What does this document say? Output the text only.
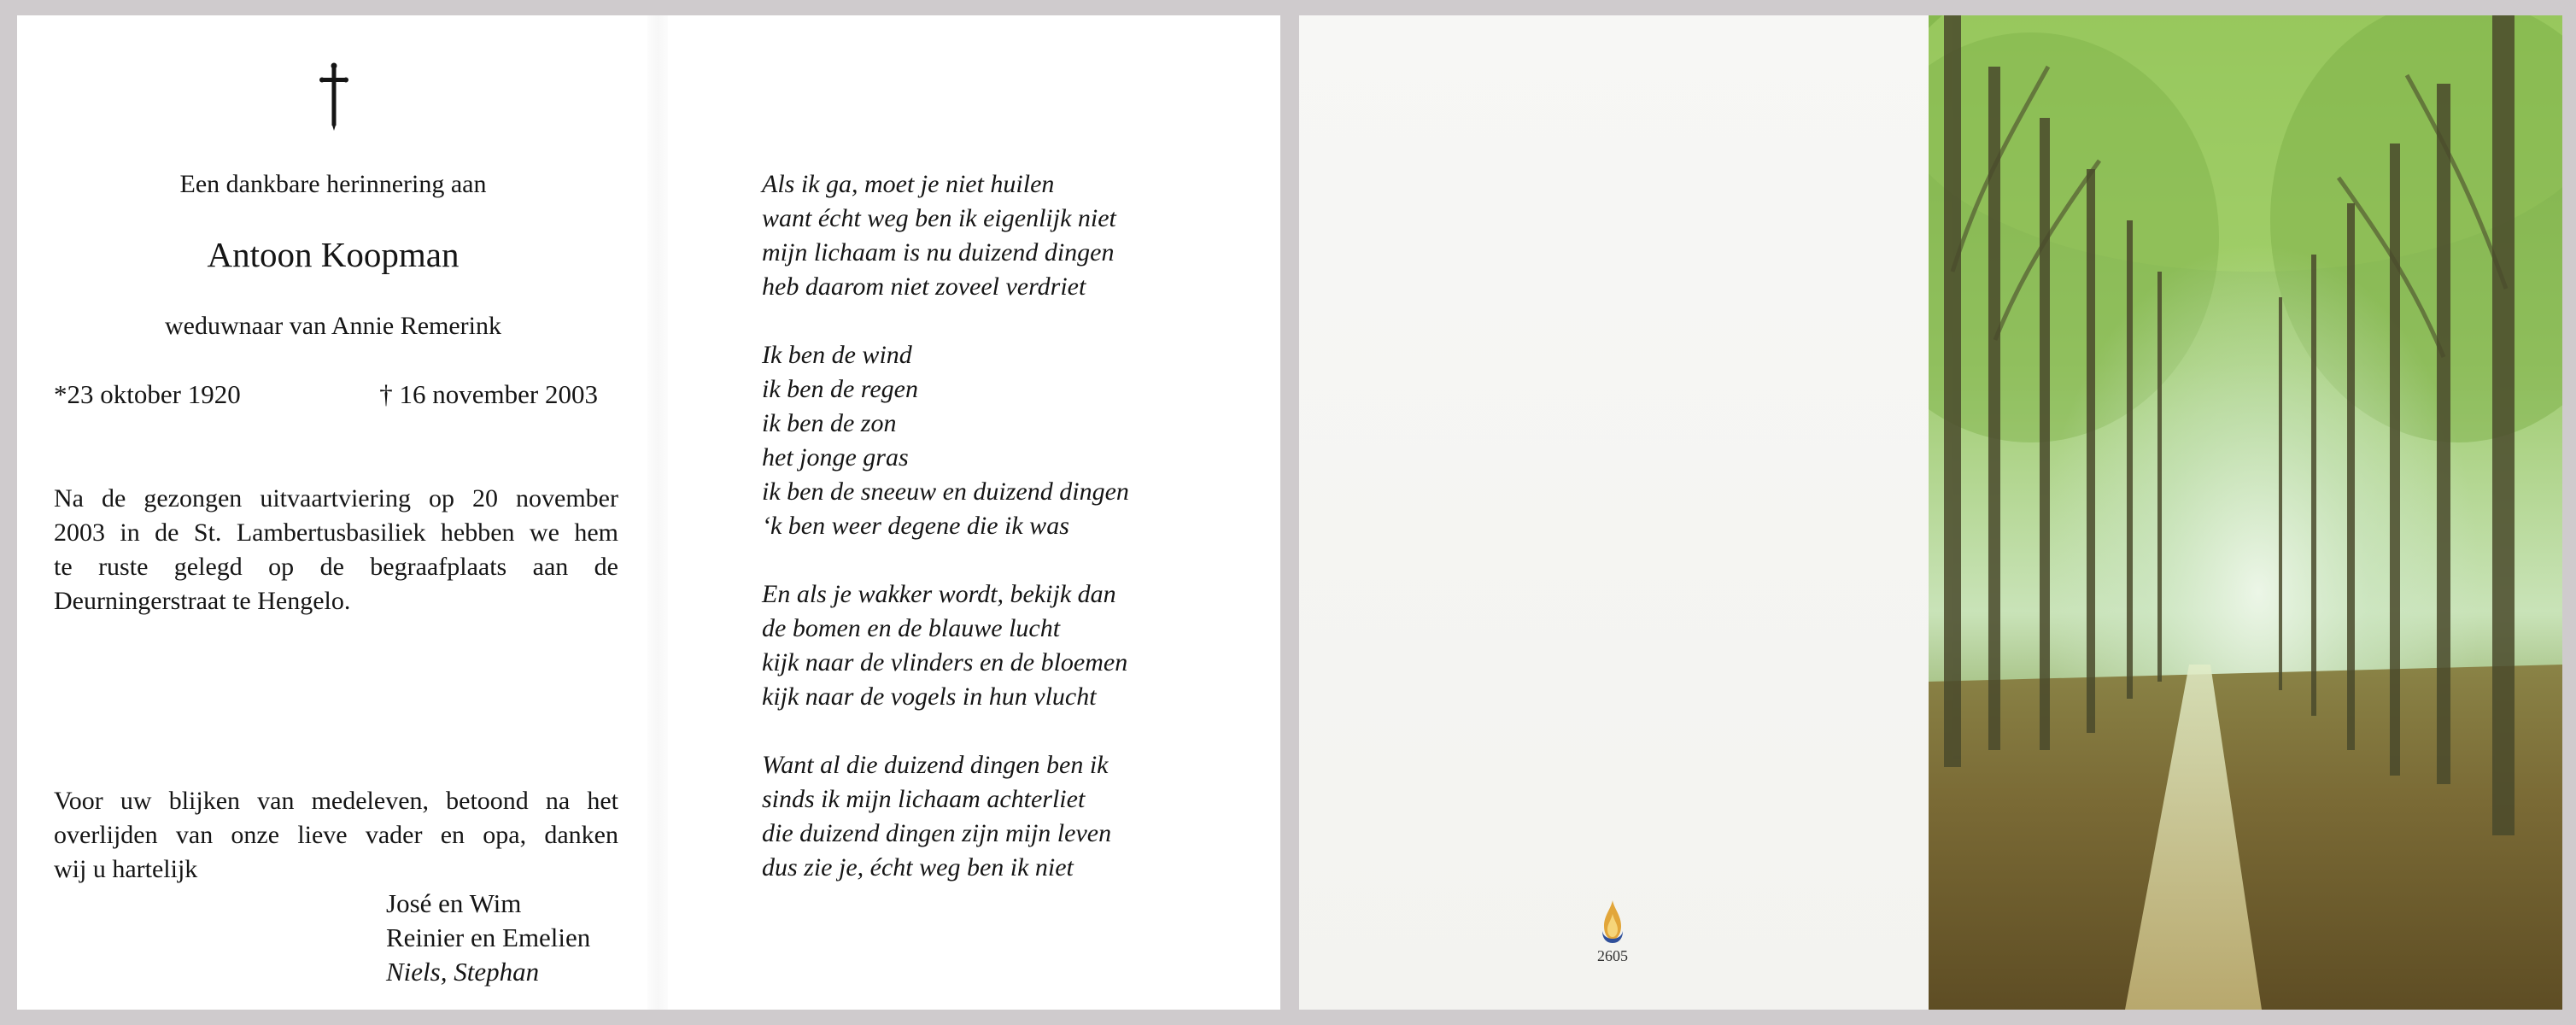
Een dankbare herinnering aan
Antoon Koopman
weduwnaar van Annie Remerink
*23 oktober 1920	† 16 november 2003
Na de gezongen uitvaartviering op 20 november
2003 in de St. Lambertusbasiliek hebben we hem
te ruste gelegd op de begraafplaats aan de
Deurningerstraat te Hengelo.
Voor uw blijken van medeleven, betoond na het
overlijden van onze lieve vader en opa, danken
wij u hartelijk
José en Wim
Reinier en Emelien
Niels, Stephan
Als ik ga, moet je niet huilen
want écht weg ben ik eigenlijk niet
mijn lichaam is nu duizend dingen
heb daarom niet zoveel verdriet
Ik ben de wind
ik ben de regen
ik ben de zon
het jonge gras
ik ben de sneeuw en duizend dingen
‘k ben weer degene die ik was
En als je wakker wordt, bekijk dan
de bomen en de blauwe lucht
kijk naar de vlinders en de bloemen
kijk naar de vogels in hun vlucht
Want al die duizend dingen ben ik
sinds ik mijn lichaam achterliet
die duizend dingen zijn mijn leven
dus zie je, écht weg ben ik niet
2605
